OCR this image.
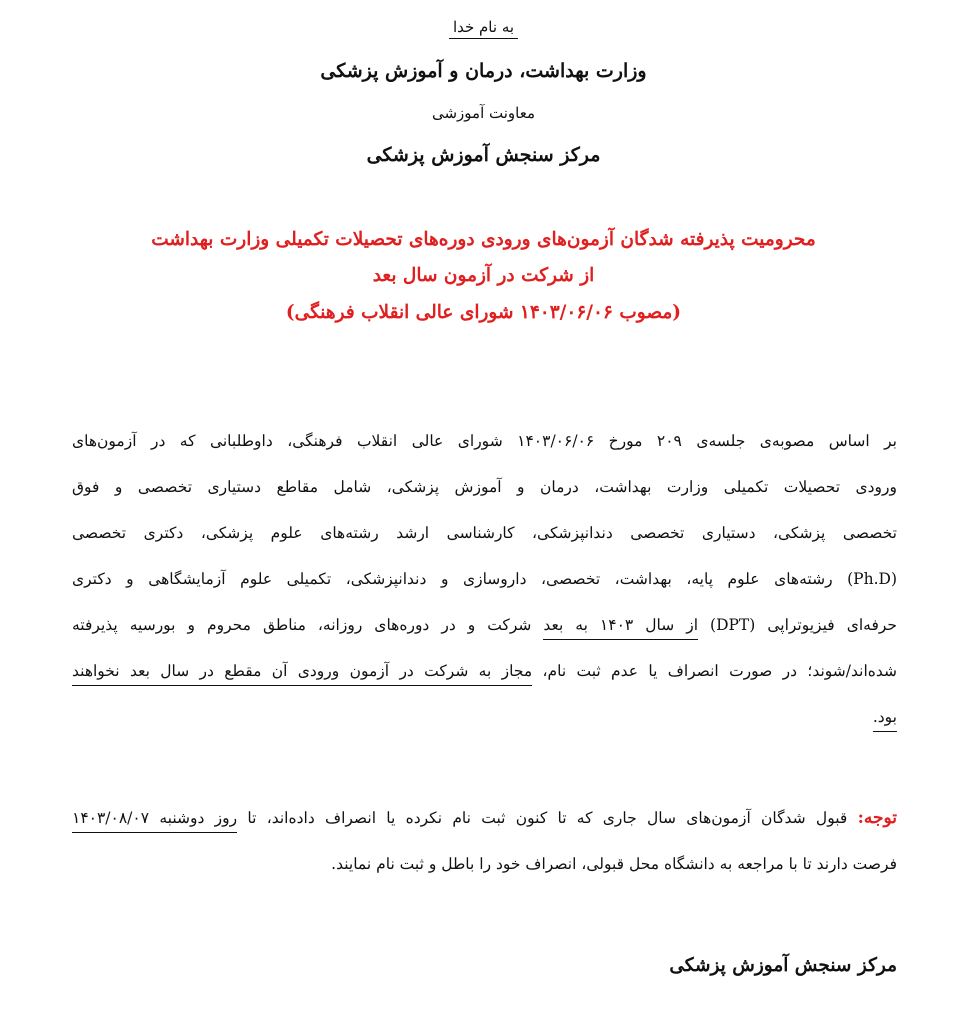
به نام خدا
وزارت بهداشت، درمان و آموزش پزشکی
معاونت آموزشی
مرکز سنجش آموزش پزشکی
محرومیت پذیرفته شدگان آزمون‌های ورودی دوره‌های تحصیلات تکمیلی وزارت بهداشت
از شرکت در آزمون سال بعد
(مصوب ۱۴۰۳/۰۶/۰۶ شورای عالی انقلاب فرهنگی)
بر اساس مصوبه‌ی جلسه‌ی ۲۰۹ مورخ ۱۴۰۳/۰۶/۰۶ شورای عالی انقلاب فرهنگی، داوطلبانی که در آزمون‌های
ورودی تحصیلات تکمیلی وزارت بهداشت، درمان و آموزش پزشکی، شامل مقاطع دستیاری تخصصی و فوق
تخصصی پزشکی، دستیاری تخصصی دندانپزشکی، کارشناسی ارشد رشته‌های علوم پزشکی، دکتری تخصصی
(Ph.D) رشته‌های علوم پایه، بهداشت، تخصصی، داروسازی و دندانپزشکی، تکمیلی علوم آزمایشگاهی و دکتری
حرفه‌ای فیزیوتراپی (DPT) از سال ۱۴۰۳ به بعد شرکت و در دوره‌های روزانه، مناطق محروم و بورسیه پذیرفته
شده‌اند/شوند؛ در صورت انصراف یا عدم ثبت نام، مجاز به شرکت در آزمون ورودی آن مقطع در سال بعد نخواهند
بود.
توجه: قبول شدگان آزمون‌های سال جاری که تا کنون ثبت نام نکرده یا انصراف داده‌اند، تا روز دوشنبه ۱۴۰۳/۰۸/۰۷
فرصت دارند تا با مراجعه به دانشگاه محل قبولی، انصراف خود را باطل و ثبت نام نمایند.
مرکز سنجش آموزش پزشکی
